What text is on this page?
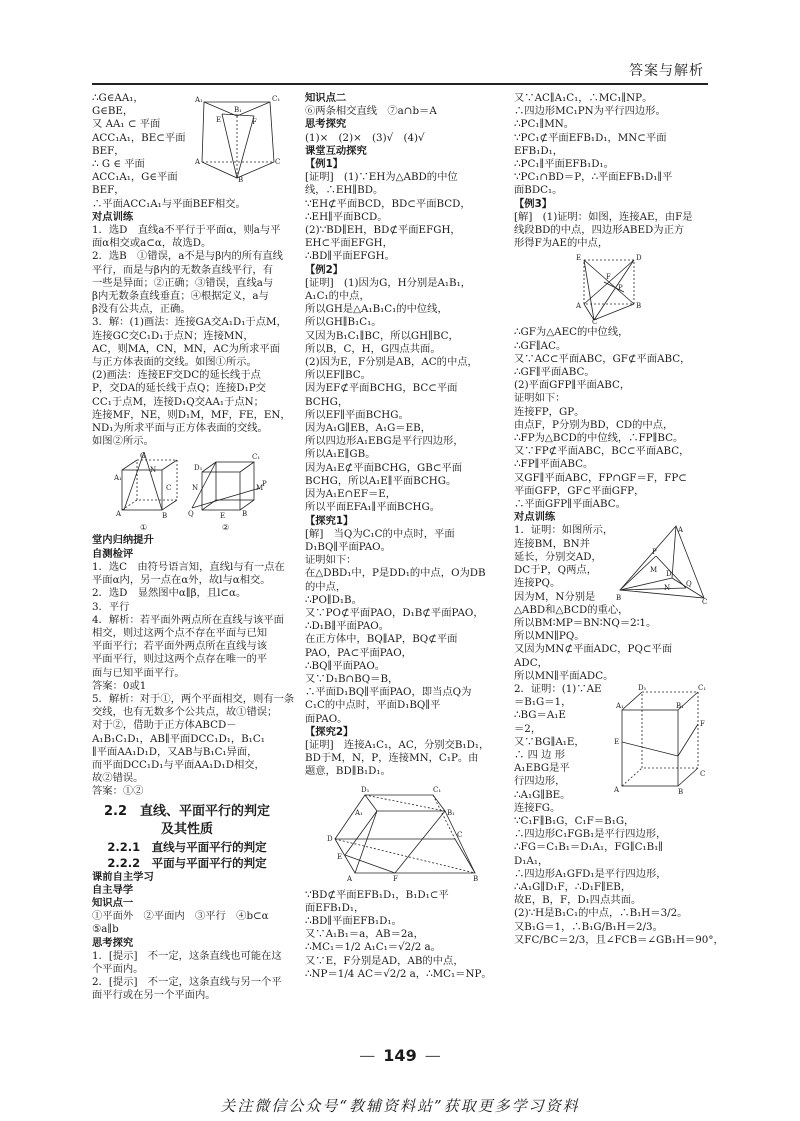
答案与解析
∴G∈AA₁，
G∈BE，
又 AA₁ ⊂ 平面
ACC₁A₁，BE⊂平面
BEF，
∴ G ∈ 平面
ACC₁A₁，G∈平面
BEF，
∴平面ACC₁A₁与平面BEF相交。
A₁	C₁
B₁
E	F
A	C
B
对点训练
1．选D　直线a不平行于平面α，则a与平
面α相交或a⊂α，故选D。
2．选B　①错误，a不是与β内的所有直线
平行，而是与β内的无数条直线平行，有
一些是异面；②正确；③错误，直线a与
β内无数条直线垂直；④根据定义，a与
β没有公共点，正确。
3．解：(1)画法：连接GA交A₁D₁于点M，
连接GC交C₁D₁于点N；连接MN，
AC，则MA，CN，MN，AC为所求平面
与正方体表面的交线。如图①所示。
(2)画法：连接EF交DC的延长线于点
P，交DA的延长线于点Q；连接D₁P交
CC₁于点M，连接D₁Q交AA₁于点N；
连接MF，NE，则D₁M，MF，FE，EN，
ND₁为所求平面与正方体表面的交线。
如图②所示。
G
A₁
N
C
A	B
D₁
C₁
N	M
Q	E B
P
①	②
堂内归纳提升
自测检评
1．选C　由符号语言知，直线l与有一点在
平面α内，另一点在α外，故l与α相交。
2．选D　显然图中α∥β，且l⊂α。
3．平行
4．解析：若平面外两点所在直线与该平面
相交，则过这两个点不存在平面与已知
平面平行；若平面外两点所在直线与该
平面平行，则过这两个点存在唯一的平
面与已知平面平行。
答案：0或1
5．解析：对于①，两个平面相交，则有一条
交线，也有无数多个公共点，故①错误；
对于②，借助于正方体ABCD－
A₁B₁C₁D₁，AB∥平面DCC₁D₁，B₁C₁
∥平面AA₁D₁D，又AB与B₁C₁异面，
而平面DCC₁D₁与平面AA₁D₁D相交，
故②错误。
答案：①②
2.2　直线、平面平行的判定
及其性质
2.2.1　直线与平面平行的判定
2.2.2　平面与平面平行的判定
课前自主学习
自主导学
知识点一
①平面外　②平面内　③平行　④b⊂α
⑤a∥b
思考探究
1．[提示]　不一定，这条直线也可能在这
个平面内。
2．[提示]　不一定，这条直线与另一个平
面平行或在另一个平面内。
知识点二
⑥两条相交直线　⑦a∩b＝A
思考探究
(1)×　(2)×　(3)√　(4)√
课堂互动探究
【例1】
[证明]　(1)∵EH为△ABD的中位
线，∴EH∥BD。
∵EH⊄平面BCD，BD⊂平面BCD，
∴EH∥平面BCD。
(2)∵BD∥EH，BD⊄平面EFGH，
EH⊂平面EFGH，
∴BD∥平面EFGH。
【例2】
[证明]　(1)因为G，H分别是A₁B₁，
A₁C₁的中点，
所以GH是△A₁B₁C₁的中位线，
所以GH∥B₁C₁。
又因为B₁C₁∥BC，所以GH∥BC，
所以B，C，H，G四点共面。
(2)因为E，F分别是AB，AC的中点，
所以EF∥BC。
因为EF⊄平面BCHG，BC⊂平面
BCHG，
所以EF∥平面BCHG。
因为A₁G∥EB，A₁G＝EB，
所以四边形A₁EBG是平行四边形，
所以A₁E∥GB。
因为A₁E⊄平面BCHG，GB⊂平面
BCHG，所以A₁E∥平面BCHG。
因为A₁E∩EF＝E，
所以平面EFA₁∥平面BCHG。
【探究1】
[解]　当Q为C₁C的中点时，平面
D₁BQ∥平面PAO。
证明如下：
在△DBD₁中，P是DD₁的中点，O为DB
的中点，
∴PO∥D₁B。
又∵PO⊄平面PAO，D₁B⊄平面PAO，
∴D₁B∥平面PAO。
在正方体中，BQ∥AP，BQ⊄平面
PAO，PA⊂平面PAO，
∴BQ∥平面PAO。
又∵D₁B∩BQ＝B，
∴平面D₁BQ∥平面PAO，即当点Q为
C₁C的中点时，平面D₁BQ∥平
面PAO。
【探究2】
[证明]　连接A₁C₁，AC，分别交B₁D₁，
BD于M，N，P，连接MN，C₁P。由
题意，BD∥B₁D₁。
D₁	C₁
A₁	B₁
D	C
E
A	F	B
∵BD⊄平面EFB₁D₁，B₁D₁⊂平
面EFB₁D₁，
∴BD∥平面EFB₁D₁。
又∵A₁B₁＝a，AB＝2a，
∴MC₁＝1/2 A₁C₁＝√2/2 a。
又∵E，F分别是AD，AB的中点，
∴NP＝1/4 AC＝√2/2 a，∴MC₁＝NP。
又∵AC∥A₁C₁，∴MC₁∥NP。
∴四边形MC₁PN为平行四边形。
∴PC₁∥MN。
∵PC₁⊄平面EFB₁D₁，MN⊂平面
EFB₁D₁，
∴PC₁∥平面EFB₁D₁。
∵PC₁∩BD＝P，∴平面EFB₁D₁∥平
面BDC₁。
【例3】
[解]　(1)证明：如图，连接AE，由F是
线段BD的中点，四边形ABED为正方
形得F为AE的中点，
E	D
A	B
C
F
P
∴GF为△AEC的中位线，
∴GF∥AC。
又∵AC⊂平面ABC，GF⊄平面ABC，
∴GF∥平面ABC。
(2)平面GFP∥平面ABC，
证明如下：
连接FP，GP。
由点F，P分别为BD，CD的中点，
∴FP为△BCD的中位线，∴FP∥BC。
又∵FP⊄平面ABC，BC⊂平面ABC，
∴FP∥平面ABC。
又GF∥平面ABC，FP∩GF＝F，FP⊂
平面GFP，GF⊂平面GFP，
∴平面GFP∥平面ABC。
对点训练
1．证明：如图所示，
连接BM，BN并
延长，分别交AD，
DC于P，Q两点，
连接PQ。
因为M，N分别是
△ABD和△BCD的重心，
所以BM∶MP＝BN∶NQ＝2∶1。
所以MN∥PQ。
又因为MN⊄平面ADC，PQ⊂平面
ADC，
所以MN∥平面ADC。
2．证明：(1)∵AE
＝B₁G＝1，
∴BG＝A₁E
＝2，
又∵BG∥A₁E，
∴ 四 边 形
A₁EBG是平
行四边形，
∴A₁G∥BE。
连接FG。
∵C₁F∥B₁G，C₁F＝B₁G，
∴四边形C₁FGB₁是平行四边形，
∴FG＝C₁B₁＝D₁A₁，FG∥C₁B₁∥
D₁A₁，
∴四边形A₁GFD₁是平行四边形，
∴A₁G∥D₁F，∴D₁F∥EB，
故E，B，F，D₁四点共面。
(2)∵H是B₁C₁的中点，∴B₁H＝3/2。
又B₁G＝1，∴B₁G/B₁H＝2/3。
又FC/BC＝2/3，且∠FCB＝∠GB₁H＝90°，
A
B	C
D
P
Q
M
N
A₁
D₁	C₁
B₁
E
F
A	B
C
— 149 —
关注微信公众号“教辅资料站”获取更多学习资料
